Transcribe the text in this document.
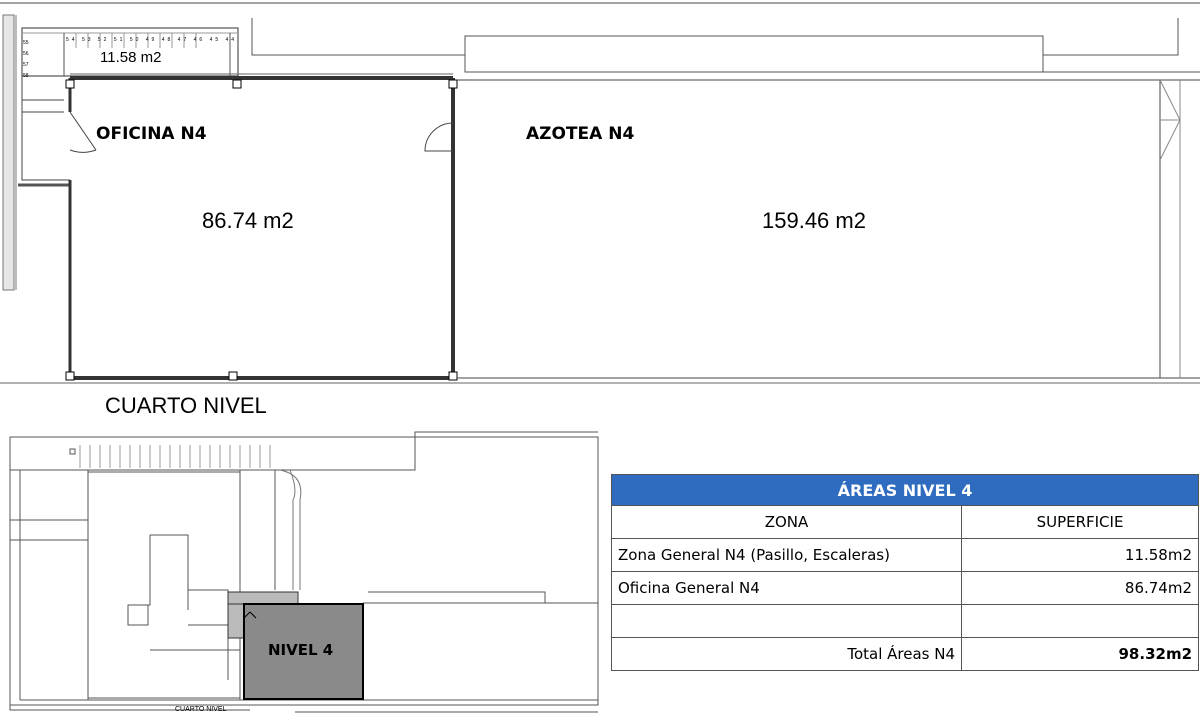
54 53 52 51 50 49 48 47 46 45 44
55
56
57
58
11.58 m2
OFICINA N4
86.74 m2
AZOTEA N4
159.46 m2
CUARTO NIVEL
NIVEL 4
CUARTO NIVEL
ÁREAS NIVEL 4	
ZONA	SUPERFICIE
Zona General N4 (Pasillo, Escaleras)	11.58m2
Oficina General N4	86.74m2

Total Áreas N4	98.32m2
